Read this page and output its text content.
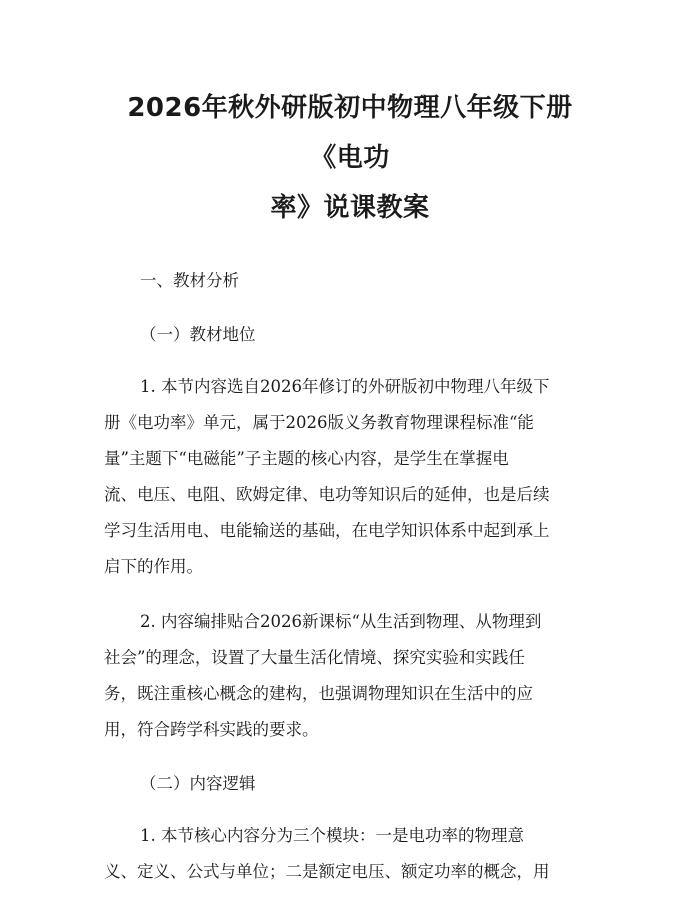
2026年秋外研版初中物理八年级下册《电功
率》说课教案

一、教材分析

（一）教材地位

1. 本节内容选自2026年修订的外研版初中物理八年级下
册《电功率》单元，属于2026版义务教育物理课程标准“能
量”主题下“电磁能”子主题的核心内容，是学生在掌握电
流、电压、电阻、欧姆定律、电功等知识后的延伸，也是后续
学习生活用电、电能输送的基础，在电学知识体系中起到承上
启下的作用。
2. 内容编排贴合2026新课标“从生活到物理、从物理到
社会”的理念，设置了大量生活化情境、探究实验和实践任
务，既注重核心概念的建构，也强调物理知识在生活中的应
用，符合跨学科实践的要求。

（二）内容逻辑

1. 本节核心内容分为三个模块：一是电功率的物理意
义、定义、公式与单位；二是额定电压、额定功率的概念，用
